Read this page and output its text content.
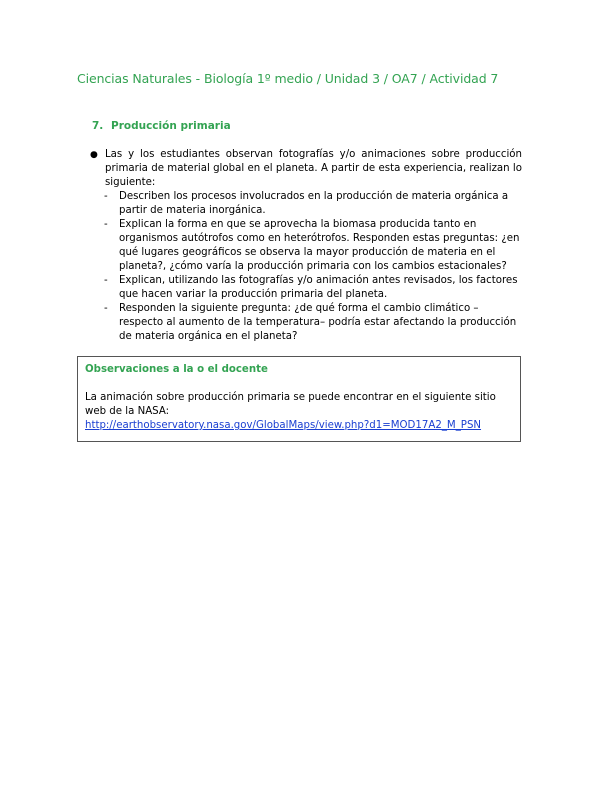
Ciencias Naturales - Biología 1º medio / Unidad 3 / OA7 / Actividad 7
7. Producción primaria
● Las y los estudiantes observan fotografías y/o animaciones sobre producción primaria de material global en el planeta. A partir de esta experiencia, realizan lo siguiente:
- Describen los procesos involucrados en la producción de materia orgánica a partir de materia inorgánica.
- Explican la forma en que se aprovecha la biomasa producida tanto en organismos autótrofos como en heterótrofos. Responden estas preguntas: ¿en qué lugares geográficos se observa la mayor producción de materia en el planeta?, ¿cómo varía la producción primaria con los cambios estacionales?
- Explican, utilizando las fotografías y/o animación antes revisados, los factores que hacen variar la producción primaria del planeta.
- Responden la siguiente pregunta: ¿de qué forma el cambio climático – respecto al aumento de la temperatura– podría estar afectando la producción de materia orgánica en el planeta?
Observaciones a la o el docente
La animación sobre producción primaria se puede encontrar en el siguiente sitio web de la NASA:
http://earthobservatory.nasa.gov/GlobalMaps/view.php?d1=MOD17A2_M_PSN
